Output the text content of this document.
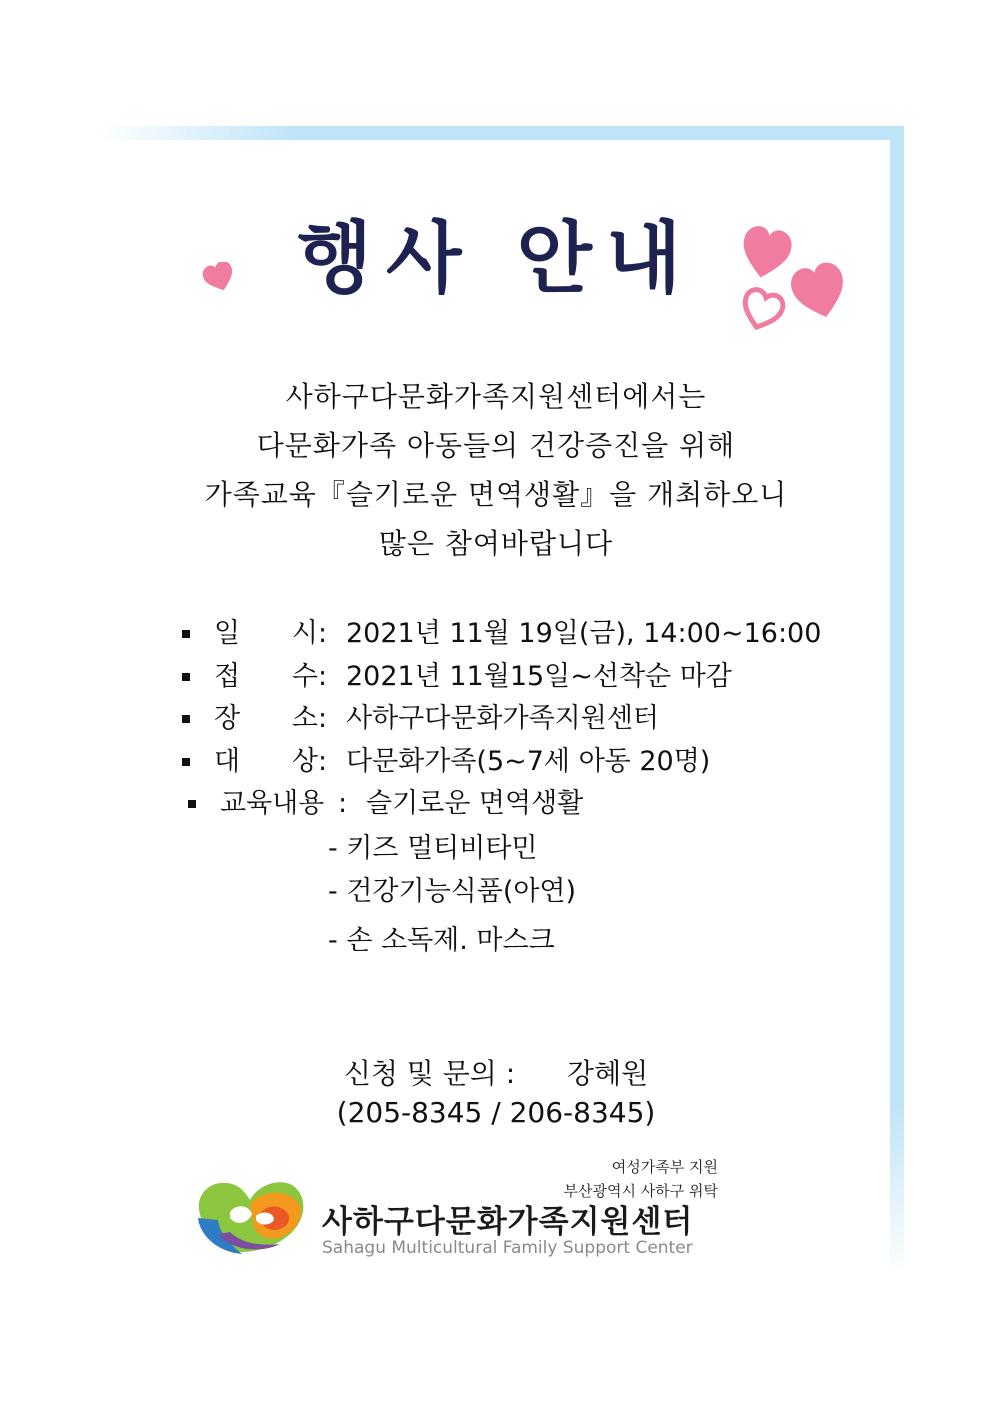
행사 안내
사하구다문화가족지원센터에서는
다문화가족 아동들의 건강증진을 위해
가족교육『슬기로운 면역생활』을 개최하오니
많은 참여바랍니다
일 시 : 2021년 11월 19일(금), 14:00~16:00
접 수 : 2021년 11월15일~선착순 마감
장 소 : 사하구다문화가족지원센터
대 상 : 다문화가족(5~7세 아동 20명)
교육내용 : 슬기로운 면역생활
- 키즈 멀티비타민
- 건강기능식품(아연)
- 손 소독제. 마스크
신청 및 문의 : 강혜원
(205-8345 / 206-8345)
여성가족부 지원
부산광역시 사하구 위탁
사하구다문화가족지원센터
Sahagu Multicultural Family Support Center
